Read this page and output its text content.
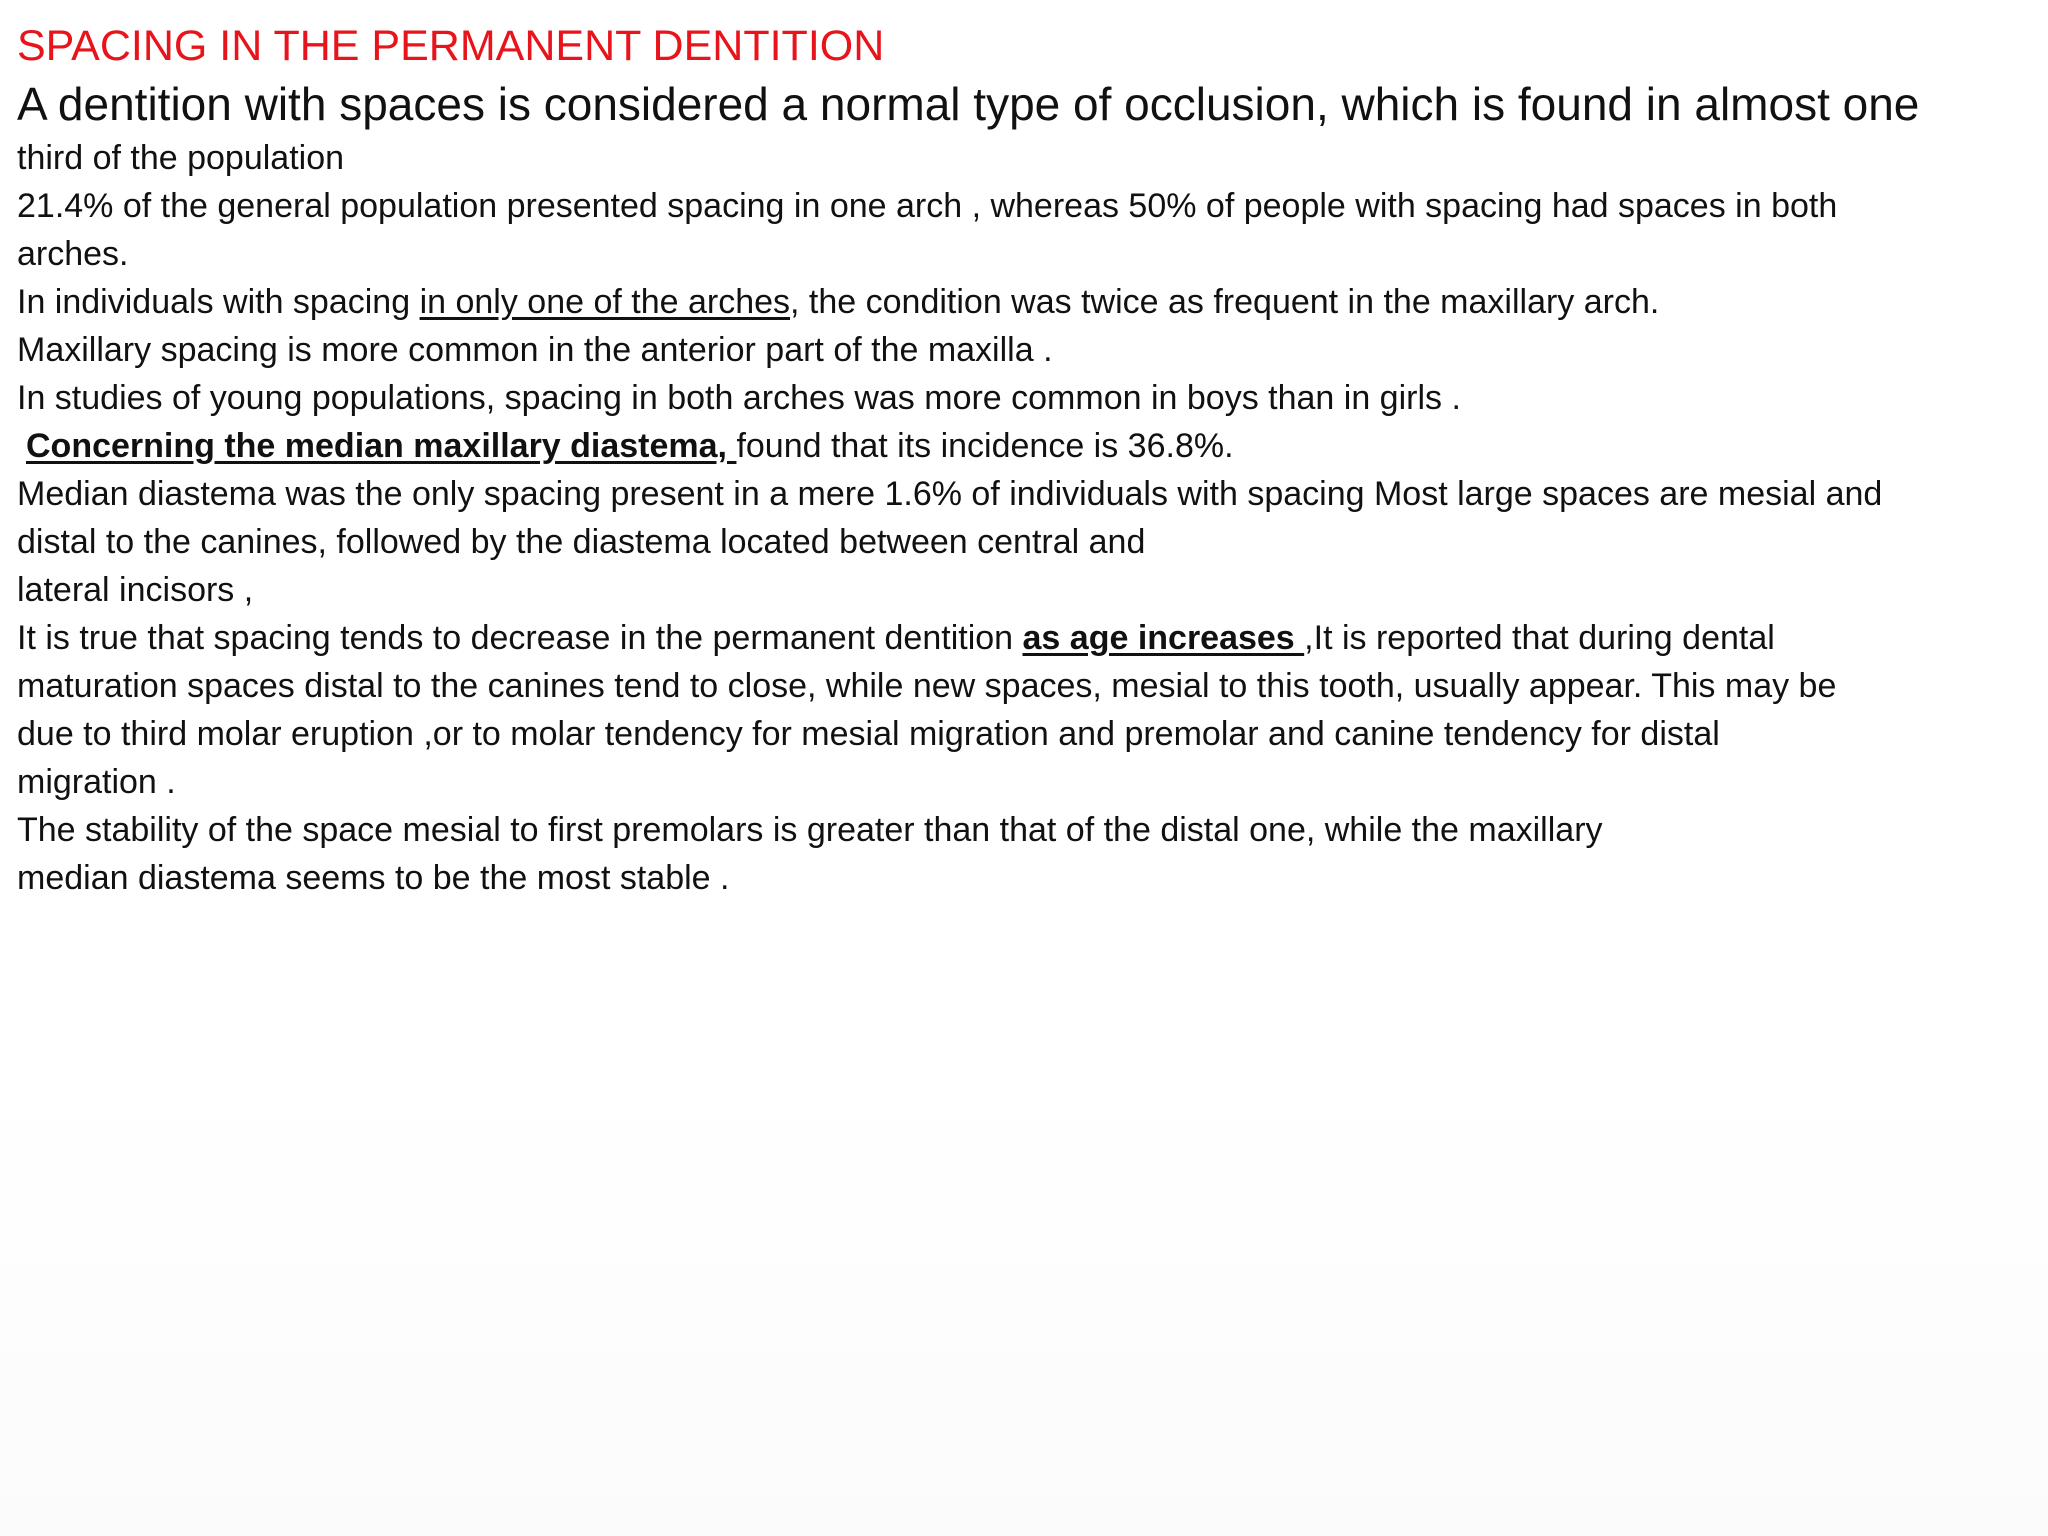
SPACING IN THE PERMANENT DENTITION

A dentition with spaces is considered a normal type of occlusion, which is found in almost one

third of the population

21.4% of the general population presented spacing in one arch , whereas 50% of people with spacing had spaces in both

arches.

In individuals with spacing in only one of the arches, the condition was twice as frequent in the maxillary arch.

Maxillary spacing is more common in the anterior part of the maxilla .

In studies of young populations, spacing in both arches was more common in boys than in girls .

Concerning the median maxillary diastema, found that its incidence is 36.8%.

Median diastema was the only spacing present in a mere 1.6% of individuals with spacing Most large spaces are mesial and

distal to the canines, followed by the diastema located between central and

lateral incisors ,

It is true that spacing tends to decrease in the permanent dentition as age increases ,It is reported that during dental

maturation spaces distal to the canines tend to close, while new spaces, mesial to this tooth, usually appear. This may be

due to third molar eruption ,or to molar tendency for mesial migration and premolar and canine tendency for distal

migration .

The stability of the space mesial to first premolars is greater than that of the distal one, while the maxillary

median diastema seems to be the most stable .
